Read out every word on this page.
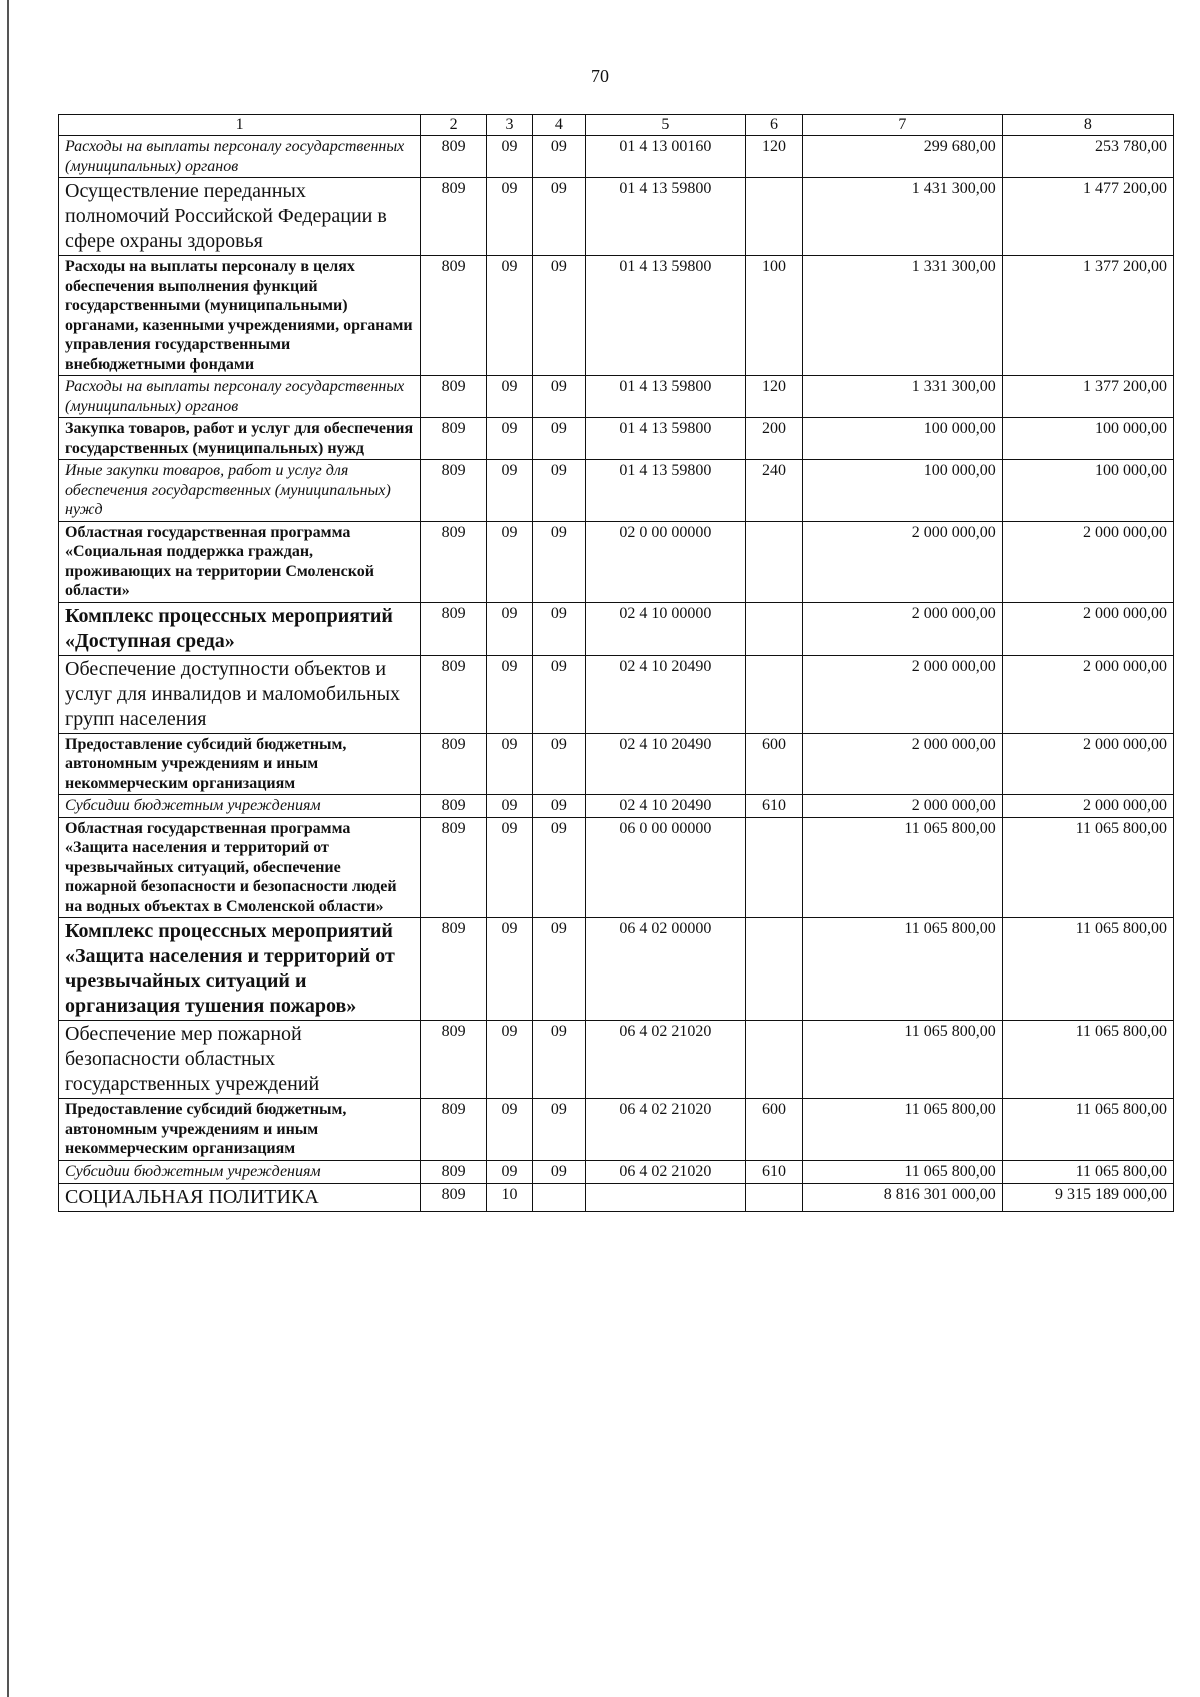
70
1	2	3	4	5	6	7	8
Расходы на выплаты персоналу государственных (муниципальных) органов	809	09	09	01 4 13 00160	120	299 680,00	253 780,00
Осуществление переданных полномочий Российской Федерации в сфере охраны здоровья	809	09	09	01 4 13 59800		1 431 300,00	1 477 200,00
Расходы на выплаты персоналу в целях обеспечения выполнения функций государственными (муниципальными) органами, казенными учреждениями, органами управления государственными внебюджетными фондами	809	09	09	01 4 13 59800	100	1 331 300,00	1 377 200,00
Расходы на выплаты персоналу государственных (муниципальных) органов	809	09	09	01 4 13 59800	120	1 331 300,00	1 377 200,00
Закупка товаров, работ и услуг для обеспечения государственных (муниципальных) нужд	809	09	09	01 4 13 59800	200	100 000,00	100 000,00
Иные закупки товаров, работ и услуг для обеспечения государственных (муниципальных) нужд	809	09	09	01 4 13 59800	240	100 000,00	100 000,00
Областная государственная программа «Социальная поддержка граждан, проживающих на территории Смоленской области»	809	09	09	02 0 00 00000		2 000 000,00	2 000 000,00
Комплекс процессных мероприятий «Доступная среда»	809	09	09	02 4 10 00000		2 000 000,00	2 000 000,00
Обеспечение доступности объектов и услуг для инвалидов и маломобильных групп населения	809	09	09	02 4 10 20490		2 000 000,00	2 000 000,00
Предоставление субсидий бюджетным, автономным учреждениям и иным некоммерческим организациям	809	09	09	02 4 10 20490	600	2 000 000,00	2 000 000,00
Субсидии бюджетным учреждениям	809	09	09	02 4 10 20490	610	2 000 000,00	2 000 000,00
Областная государственная программа «Защита населения и территорий от чрезвычайных ситуаций, обеспечение пожарной безопасности и безопасности людей на водных объектах в Смоленской области»	809	09	09	06 0 00 00000		11 065 800,00	11 065 800,00
Комплекс процессных мероприятий «Защита населения и территорий от чрезвычайных ситуаций и организация тушения пожаров»	809	09	09	06 4 02 00000		11 065 800,00	11 065 800,00
Обеспечение мер пожарной безопасности областных государственных учреждений	809	09	09	06 4 02 21020		11 065 800,00	11 065 800,00
Предоставление субсидий бюджетным, автономным учреждениям и иным некоммерческим организациям	809	09	09	06 4 02 21020	600	11 065 800,00	11 065 800,00
Субсидии бюджетным учреждениям	809	09	09	06 4 02 21020	610	11 065 800,00	11 065 800,00
СОЦИАЛЬНАЯ ПОЛИТИКА	809	10				8 816 301 000,00	9 315 189 000,00
